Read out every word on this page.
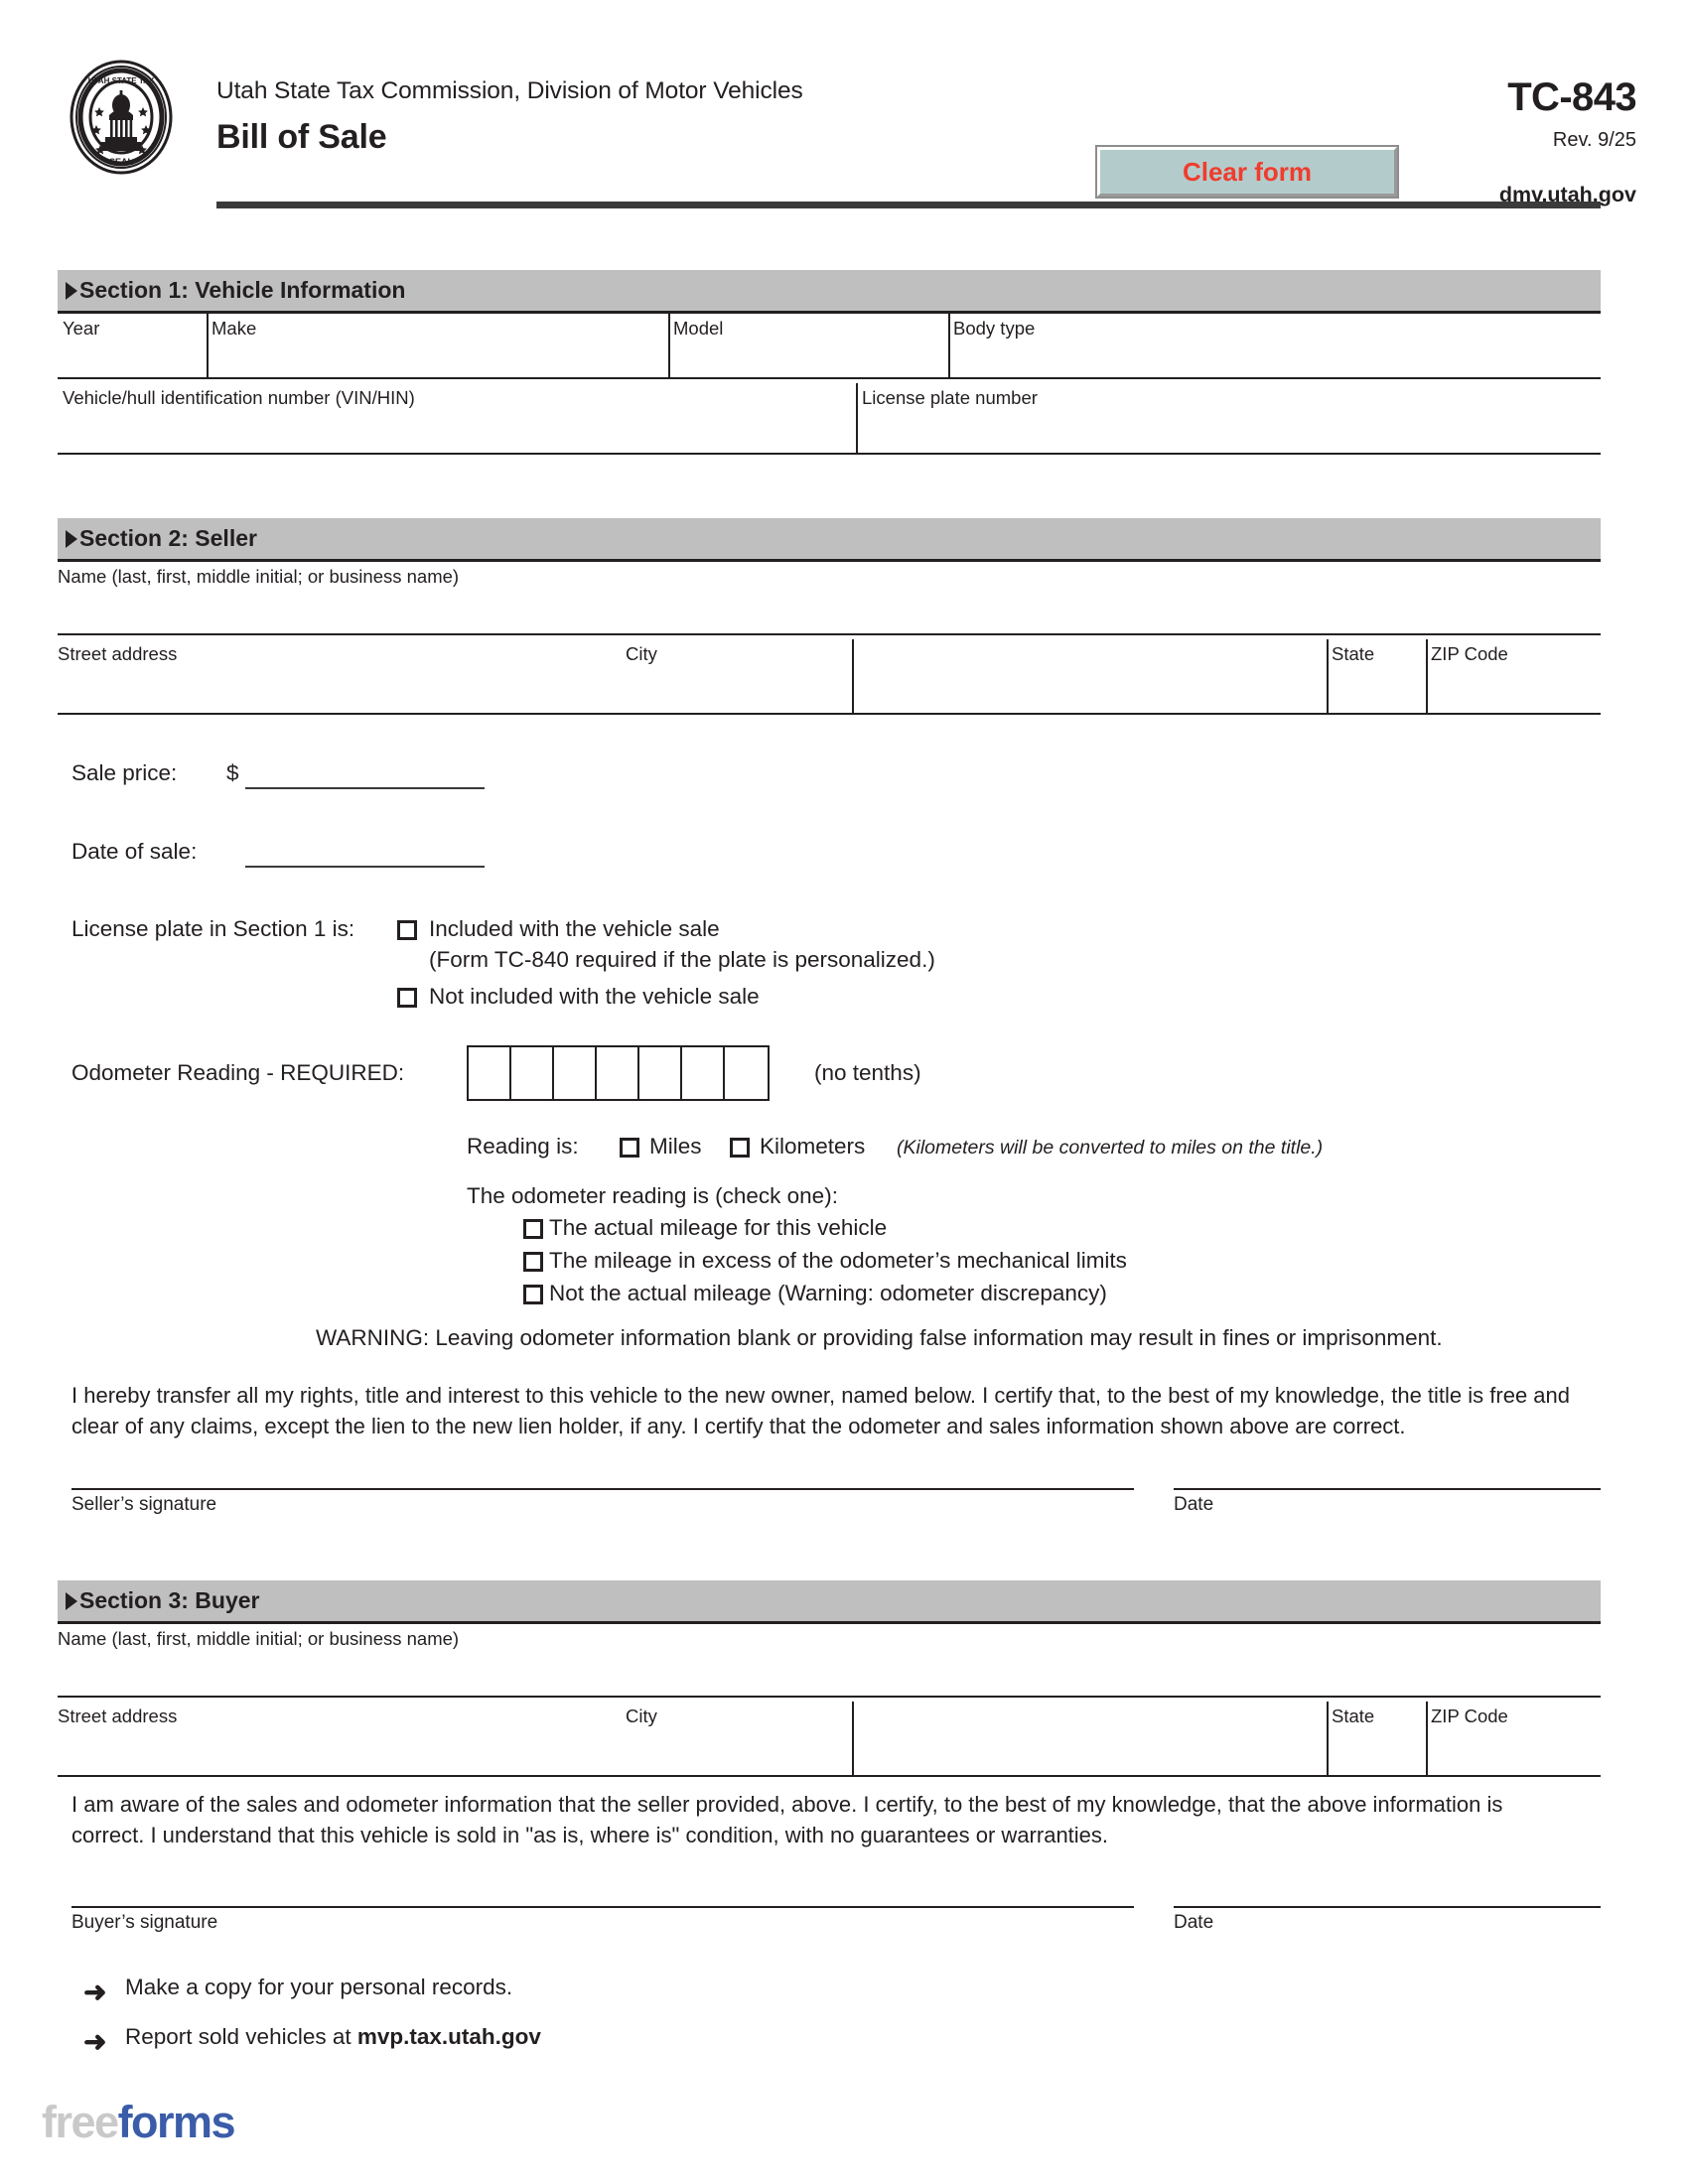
UTAH STATE TAX
SEAL
Utah State Tax Commission, Division of Motor Vehicles
Bill of Sale
TC-843
Rev. 9/25
dmv.utah.gov
Clear form
Section 1: Vehicle Information
Year	Make	Model	Body type
Vehicle/hull identification number (VIN/HIN)	License plate number
Section 2: Seller
Name (last, first, middle initial; or business name)
Street address	City	State	ZIP Code
Sale price: $
Date of sale:
License plate in Section 1 is:	Included with the vehicle sale
(Form TC-840 required if the plate is personalized.)
Not included with the vehicle sale
Odometer Reading - REQUIRED:	(no tenths)
Reading is:	Miles	Kilometers (Kilometers will be converted to miles on the title.)
The odometer reading is (check one):
The actual mileage for this vehicle
The mileage in excess of the odometer’s mechanical limits
Not the actual mileage (Warning: odometer discrepancy)
WARNING: Leaving odometer information blank or providing false information may result in fines or imprisonment.
I hereby transfer all my rights, title and interest to this vehicle to the new owner, named below. I certify that, to the best of my knowledge, the title is free and clear of any claims, except the lien to the new lien holder, if any. I certify that the odometer and sales information shown above are correct.
Seller’s signature	Date
Section 3: Buyer
Name (last, first, middle initial; or business name)
Street address	City	State	ZIP Code
I am aware of the sales and odometer information that the seller provided, above. I certify, to the best of my knowledge, that the above information is correct. I understand that this vehicle is sold in "as is, where is" condition, with no guarantees or warranties.
Buyer’s signature	Date
➜ Make a copy for your personal records.
➜ Report sold vehicles at mvp.tax.utah.gov
freeforms
